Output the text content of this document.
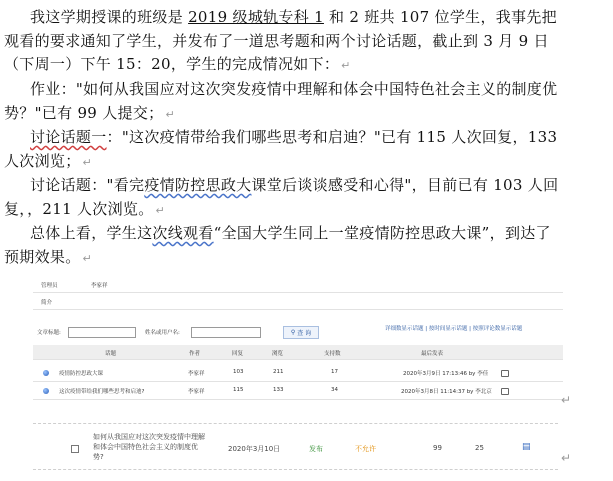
我这学期授课的班级是 2019 级城轨专科 1 和 2 班共 107 位学生，我事先把观看的要求通知了学生，并发布了一道思考题和两个讨论话题，截止到 3 月 9 日（下周一）下午 15：20，学生的完成情况如下： ↵
作业："如何从我国应对这次突发疫情中理解和体会中国特色社会主义的制度优势？"已有 99 人提交； ↵
讨论话题一："这次疫情带给我们哪些思考和启迪？"已有 115 人次回复，133 人次浏览； ↵
讨论话题："看完疫情防控思政大课堂后谈谈感受和心得"，目前已有 103 人回复，，211 人次浏览。 ↵
总体上看，学生这次线观看“全国大学生同上一堂疫情防控思政大课”，到达了预期效果。 ↵
管理员	李家祥
简介
文章标题:	姓名或用户名:	⚲ 查 询
详细数显示话题 | 按时间显示话题 | 按照评论数显示话题
话题	作者	回复	浏览	支持数	最后发表
疫情防控思政大课	李家祥	103	211	17	2020年3月9日 17:13:46 by 李佳
这次疫情带给我们哪些思考和启迪?	李家祥	115	133	34	2020年3月8日 11:14:37 by 李北京
↵
如何从我国应对这次突发疫情中理解
和体会中国特色社会主义的制度优
势?
2020年3月10日	发布	不允许	99	25	▤
↵
